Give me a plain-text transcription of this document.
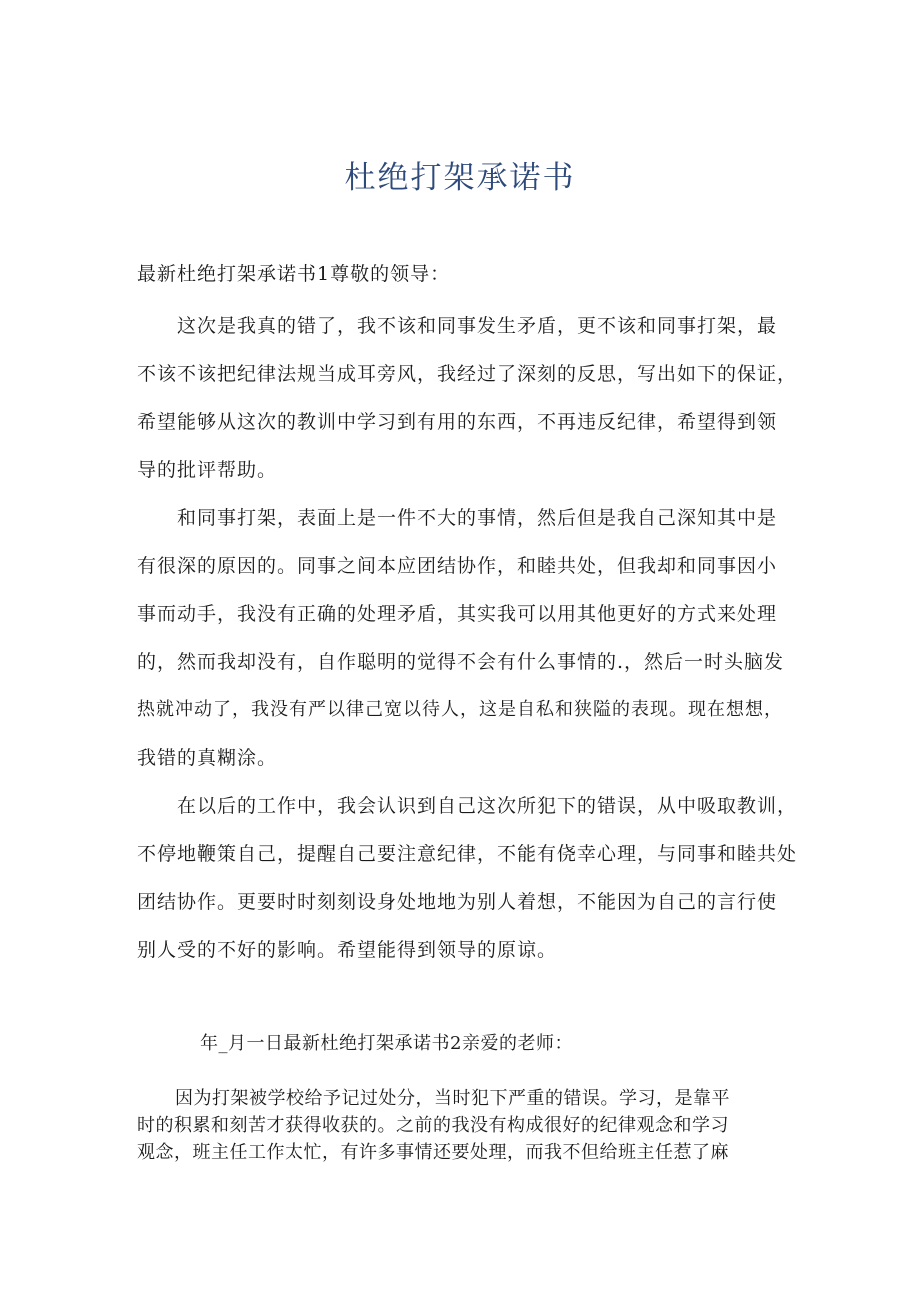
杜绝打架承诺书
最新杜绝打架承诺书1尊敬的领导：
这次是我真的错了，我不该和同事发生矛盾，更不该和同事打架，最
不该不该把纪律法规当成耳旁风，我经过了深刻的反思，写出如下的保证，
希望能够从这次的教训中学习到有用的东西，不再违反纪律，希望得到领
导的批评帮助。
和同事打架，表面上是一件不大的事情，然后但是我自己深知其中是
有很深的原因的。同事之间本应团结协作，和睦共处，但我却和同事因小
事而动手，我没有正确的处理矛盾，其实我可以用其他更好的方式来处理
的，然而我却没有，自作聪明的觉得不会有什么事情的.，然后一时头脑发
热就冲动了，我没有严以律己宽以待人，这是自私和狭隘的表现。现在想想，
我错的真糊涂。
在以后的工作中，我会认识到自己这次所犯下的错误，从中吸取教训，
不停地鞭策自己，提醒自己要注意纪律，不能有侥幸心理，与同事和睦共处
团结协作。更要时时刻刻设身处地地为别人着想，不能因为自己的言行使
别人受的不好的影响。希望能得到领导的原谅。
年_月一日最新杜绝打架承诺书2亲爱的老师：
因为打架被学校给予记过处分，当时犯下严重的错误。学习，是靠平
时的积累和刻苦才获得收获的。之前的我没有构成很好的纪律观念和学习
观念，班主任工作太忙，有许多事情还要处理，而我不但给班主任惹了麻
